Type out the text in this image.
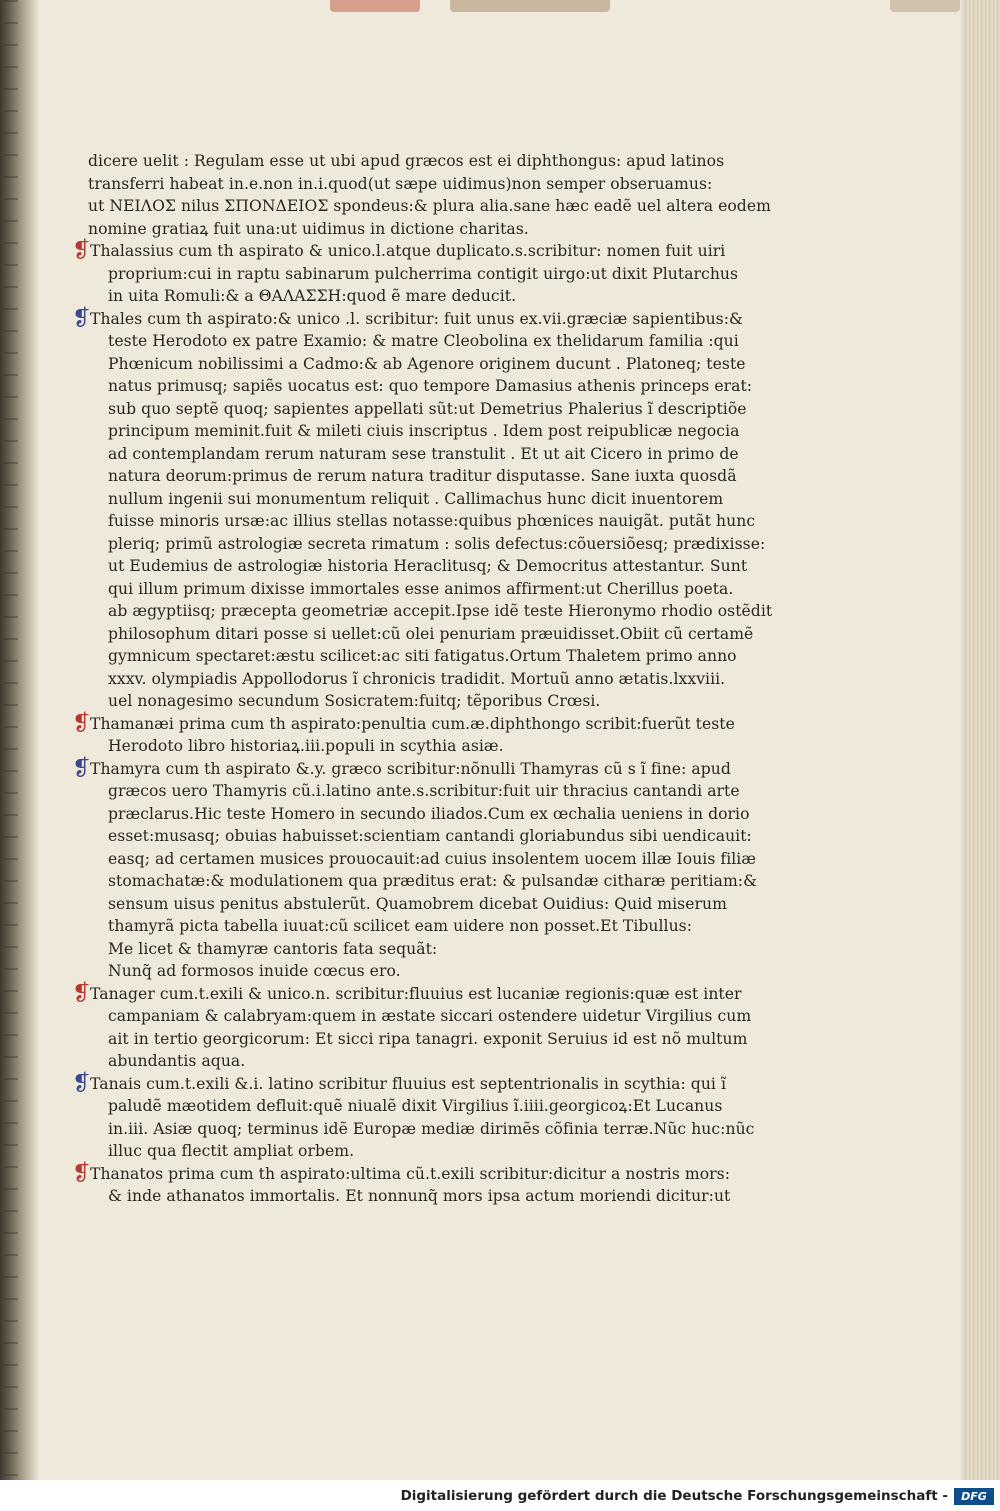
dicere uelit : Regulam esse ut ubi apud græcos est ei diphthongus: apud latinos
transferri habeat in.e.non in.i.quod(ut sæpe uidimus)non semper obseruamus:
ut ΝΕΙΛΟΣ nilus ΣΠΟΝΔΕΙΟΣ spondeus:& plura alia.sane hæc eadẽ uel altera eodem
nomine gratiaꝝ fuit una:ut uidimus in dictione charitas.
❡ Thalassius cum th aspirato & unico.l.atque duplicato.s.scribitur: nomen fuit uiri
proprium:cui in raptu sabinarum pulcherrima contigit uirgo:ut dixit Plutarchus
in uita Romuli:& a ΘΑΛΑΣΣΗ:quod ẽ mare deducit.
❡ Thales cum th aspirato:& unico .l. scribitur: fuit unus ex.vii.græciæ sapientibus:&
teste Herodoto ex patre Examio: & matre Cleobolina ex thelidarum familia :qui
Phœnicum nobilissimi a Cadmo:& ab Agenore originem ducunt . Platoneq; teste
natus primusq; sapiẽs uocatus est: quo tempore Damasius athenis princeps erat:
sub quo septẽ quoq; sapientes appellati sũt:ut Demetrius Phalerius ĩ descriptiõe
principum meminit.fuit & mileti ciuis inscriptus . Idem post reipublicæ negocia
ad contemplandam rerum naturam sese transtulit . Et ut ait Cicero in primo de
natura deorum:primus de rerum natura traditur disputasse. Sane iuxta quosdã
nullum ingenii sui monumentum reliquit . Callimachus hunc dicit inuentorem
fuisse minoris ursæ:ac illius stellas notasse:quibus phœnices nauigãt. putãt hunc
pleriq; primũ astrologiæ secreta rimatum : solis defectus:cõuersiõesq; prædixisse:
ut Eudemius de astrologiæ historia Heraclitusq; & Democritus attestantur. Sunt
qui illum primum dixisse immortales esse animos affirment:ut Cherillus poeta.
ab ægyptiisq; præcepta geometriæ accepit.Ipse idẽ teste Hieronymo rhodio ostẽdit
philosophum ditari posse si uellet:cũ olei penuriam præuidisset.Obiit cũ certamẽ
gymnicum spectaret:æstu scilicet:ac siti fatigatus.Ortum Thaletem primo anno
xxxv. olympiadis Appollodorus ĩ chronicis tradidit. Mortuũ anno ætatis.lxxviii.
uel nonagesimo secundum Sosicratem:fuitq; tẽporibus Crœsi.
❡ Thamanæi prima cum th aspirato:penultia cum.æ.diphthongo scribit:fuerũt teste
Herodoto libro historiaꝝ.iii.populi in scythia asiæ.
❡ Thamyra cum th aspirato &.y. græco scribitur:nõnulli Thamyras cũ s ĩ fine: apud
græcos uero Thamyris cũ.i.latino ante.s.scribitur:fuit uir thracius cantandi arte
præclarus.Hic teste Homero in secundo iliados.Cum ex œchalia ueniens in dorio
esset:musasq; obuias habuisset:scientiam cantandi gloriabundus sibi uendicauit:
easq; ad certamen musices prouocauit:ad cuius insolentem uocem illæ Iouis filiæ
stomachatæ:& modulationem qua præditus erat: & pulsandæ citharæ peritiam:&
sensum uisus penitus abstulerũt. Quamobrem dicebat Ouidius: Quid miserum
thamyrã picta tabella iuuat:cũ scilicet eam uidere non posset.Et Tibullus:
Me licet & thamyræ cantoris fata sequãt:
Nunq̃ ad formosos inuide cœcus ero.
❡ Tanager cum.t.exili & unico.n. scribitur:fluuius est lucaniæ regionis:quæ est inter
campaniam & calabryam:quem in æstate siccari ostendere uidetur Virgilius cum
ait in tertio georgicorum: Et sicci ripa tanagri. exponit Seruius id est nõ multum
abundantis aqua.
❡ Tanais cum.t.exili &.i. latino scribitur fluuius est septentrionalis in scythia: qui ĩ
paludẽ mæotidem defluit:quẽ niualẽ dixit Virgilius ĩ.iiii.georgicoꝝ:Et Lucanus
in.iii. Asiæ quoq; terminus idẽ Europæ mediæ dirimẽs cõfinia terræ.Nũc huc:nũc
illuc qua flectit ampliat orbem.
❡ Thanatos prima cum th aspirato:ultima cũ.t.exili scribitur:dicitur a nostris mors:
& inde athanatos immortalis. Et nonnunq̃ mors ipsa actum moriendi dicitur:ut
Digitalisierung gefördert durch die Deutsche Forschungsgemeinschaft -	DFG
